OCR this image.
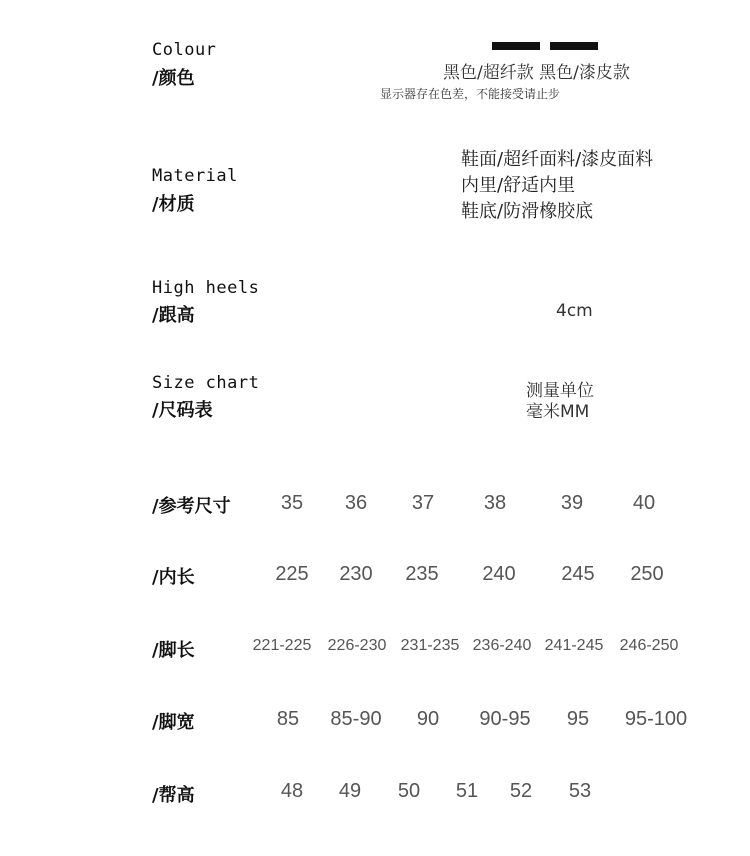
Colour
/颜色	黑色/超纤款 黑色/漆皮款
显示器存在色差，不能接受请止步
Material
/材质
鞋面/超纤面料/漆皮面料
内里/舒适内里
鞋底/防滑橡胶底
High heels
/跟高	4cm
Size chart
/尺码表
测量单位
毫米MM
/参考尺寸	35 36 37 38	39 40
/内长	225 230 235 240 245 250
/脚长	221-225 226-230 231-235 236-240 241-245 246-250
/脚宽	85 85-90 90 90-95 95 95-100
/帮高	48 49 50 51 52 53
